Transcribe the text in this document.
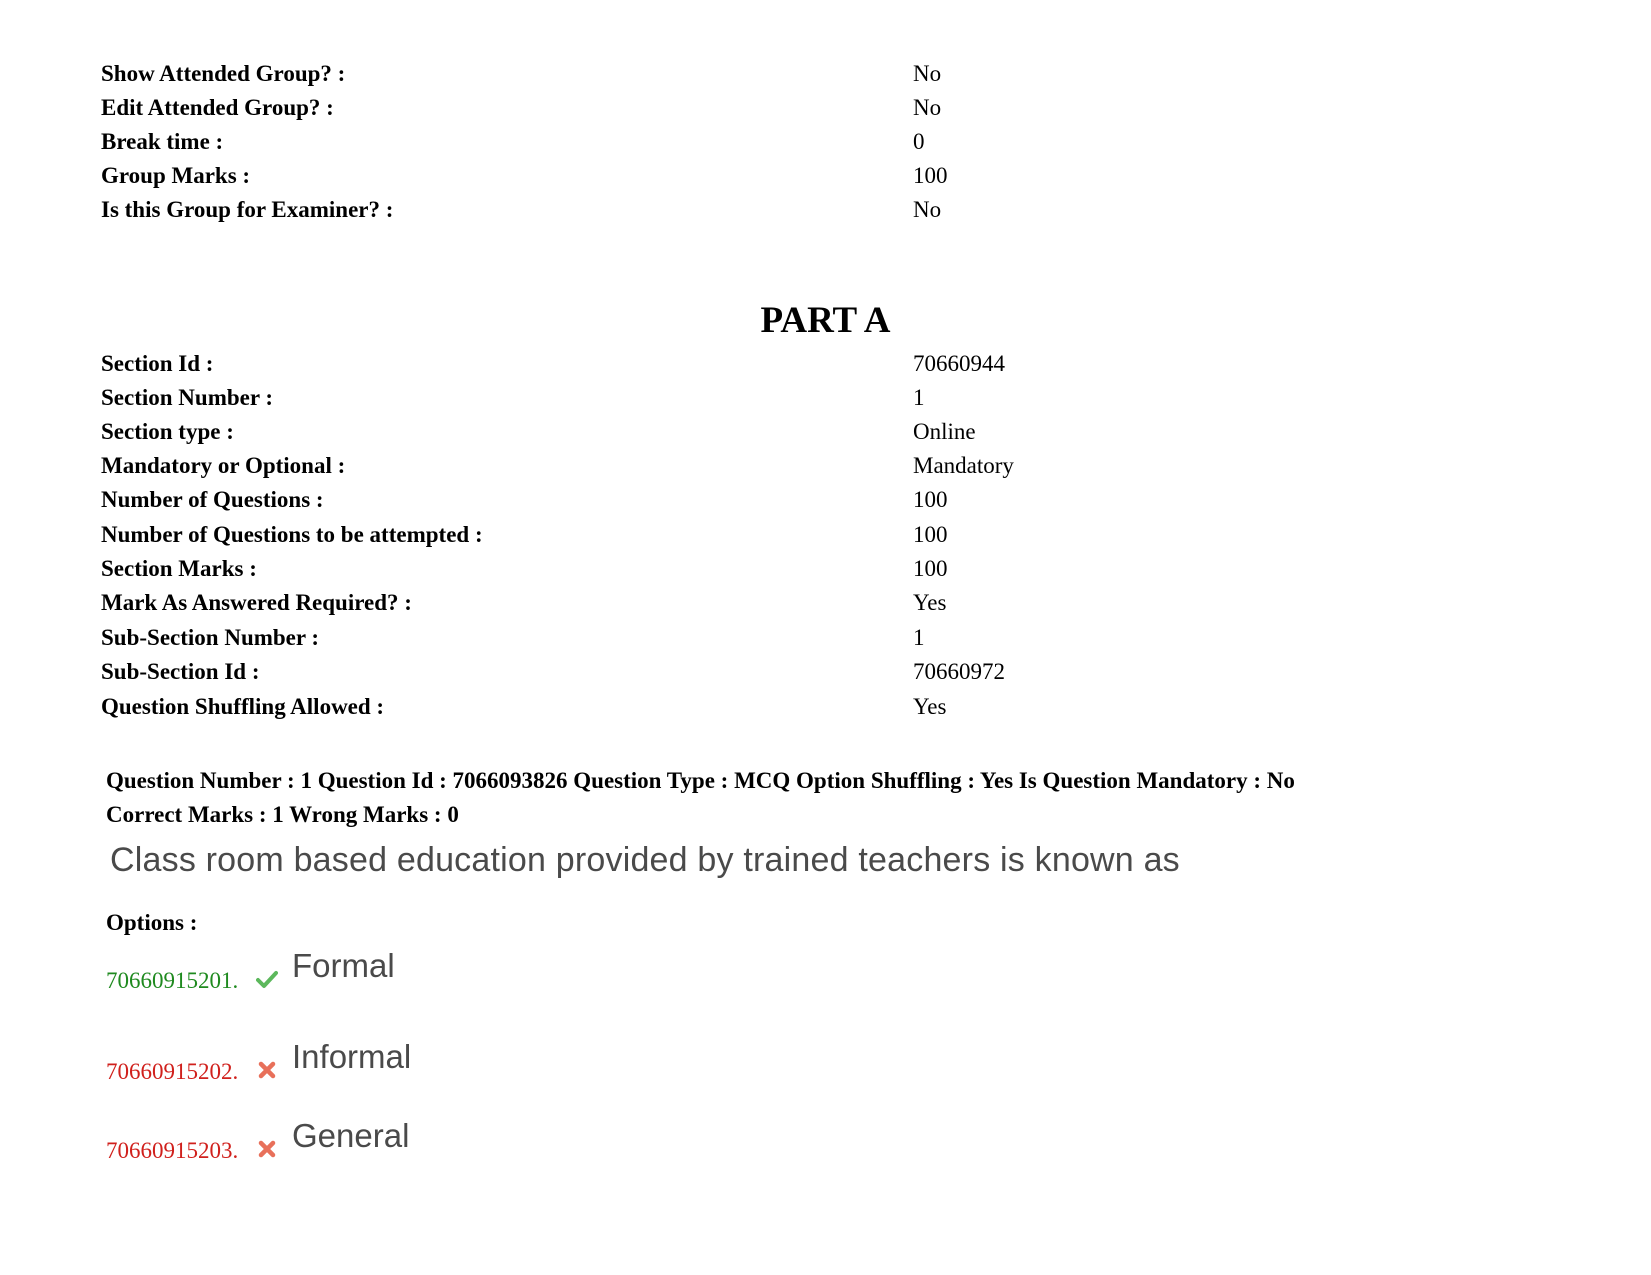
Show Attended Group? :	No
Edit Attended Group? :	No
Break time :	0
Group Marks :	100
Is this Group for Examiner? :	No
PART A
Section Id :	70660944
Section Number :	1
Section type :	Online
Mandatory or Optional :	Mandatory
Number of Questions :	100
Number of Questions to be attempted :	100
Section Marks :	100
Mark As Answered Required? :	Yes
Sub-Section Number :	1
Sub-Section Id :	70660972
Question Shuffling Allowed :	Yes
Question Number : 1 Question Id : 7066093826 Question Type : MCQ Option Shuffling : Yes Is Question Mandatory : No
Correct Marks : 1 Wrong Marks : 0
Class room based education provided by trained teachers is known as
Options :
70660915201. Formal
70660915202. Informal
70660915203. General
